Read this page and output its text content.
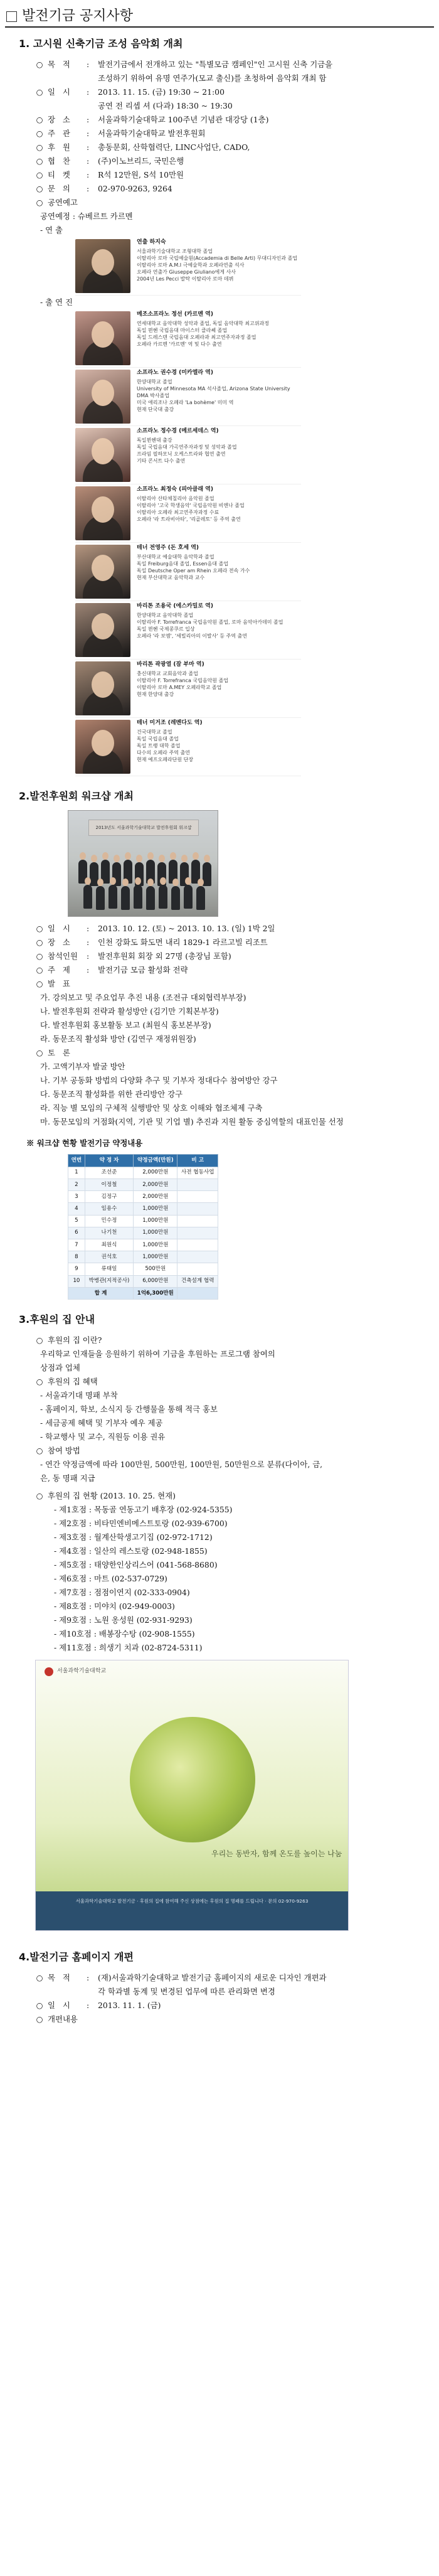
발전기금 공지사항
1. 고시원 신축기금 조성 음악회 개최
○ 목 적	:	발전기금에서 전개하고 있는 "특별모금 캠페인"인 고시원 신축 기금을
조성하기 위하여 유명 연주가(모교 출신)를 초청하여 음악회 개최 함
○ 일 시	:	2013. 11. 15. (금) 19:30 ~ 21:00
공연 전 리셉 셔 (다과) 18:30 ~ 19:30
○ 장 소	:	서울과학기술대학교 100주년 기념관 대강당 (1층)
○ 주 관	:	서울과학기술대학교 발전후원회
○ 후 원	:	총동문회, 산학협력단, LINC사업단, CADO,
○ 협 찬	:	(주)이노브리드, 국민은행
○ 티 켓	:	R석 12만원, S석 10만원
○ 문 의	:	02-970-9263, 9264
○ 공연예고
공연예정 : 슈베르트 카르멘
- 연 출
연출 하지숙
서울과학기술대학교 조형대학 졸업
이탈리아 로마 국립예술원(Accademia di Belle Arti) 무대디자인과 졸업
이탈리아 로마 A.M.I 극예술학과 오페라연출 석사
오페라 연출가 Giuseppe Giuliano에게 사사
2004년 Les Pecci 발탁 이탈리아 로마 데뷔
- 출 연 진
메조소프라노 정선 (카르멘 역)
연세대학교 음악대학 성악과 졸업, 독일 음악대학 최고위과정
독일 뮌헨 국립음대 마이스터 클라쎄 졸업
독일 드레스덴 국립음대 오페라과 최고연주자과정 졸업
오페라 카르멘 '카르멘' 역 및 다수 출연
소프라노 권수경 (미카엘라 역)
한양대학교 졸업
University of Minnesota MA 석사졸업, Arizona State University DMA 박사졸업
미국 애리조나 오페라 'La bohème' 미미 역
현재 단국대 출강
소프라노 정수경 (메르세데스 역)
독일뮌헨대 출강
독일 국립음대 가곡연주자과정 및 성악과 졸업
프라임 필하모닉 오케스트라와 협연 출연
기타 콘서트 다수 출연
소프라노 최정숙 (피아클래 역)
이탈리아 산타체칠리아 음악원 졸업
이탈리아 '고국 학생음악' 국립음악원 비엔나 졸업
이탈리아 오페라 최고연주자과정 수료
오페라 '라 트라비아타', '리골레토' 등 주역 출연
테너 전영주 (돈 호세 역)
부산대학교 예술대학 음악학과 졸업
독일 Freiburg음대 졸업, Essen음대 졸업
독일 Deutsche Oper am Rhein 오페라 전속 가수
현재 부산대학교 음악학과 교수
바리톤 조용국 (에스카밀로 역)
한양대학교 음악대학 졸업
이탈리아 F. Torrefranca 국립음악원 졸업, 로마 음악아카데미 졸업
독일 뮌헨 국제콩쿠르 입상
오페라 '라 보엠', '세빌리아의 이발사' 등 주역 출연
바리톤 곽광열 (잠 부마 역)
충신대학교 교회음악과 졸업
이탈리아 F. Torrefranca 국립음악원 졸업
이탈리아 로마 A.MEY 오페라학교 졸업
현재 한양대 출강
테너 미거조 (레멘다도 역)
건국대학교 졸업
독일 국립음대 졸업
독일 트랭 대학 졸업
다수의 오페라 주역 출연
현재 예프오페라단원 단장
2.발전후원회 워크샵 개최
2013년도 서울과학기술대학교 발전후원회 워크샵
○ 일 시	:	2013. 10. 12. (토) ~ 2013. 10. 13. (일) 1박 2일
○ 장 소	:	인천 강화도 화도면 내리 1829-1 라르고빌 리조트
○ 참석인원	:	발전후원회 회장 외 27명 (총장님 포함)
○ 주 제	:	발전기금 모금 활성화 전략
○ 발 표
가. 강의보고 및 주요업무 추진 내용 (조전규 대외협력부부장)
나. 발전후원회 전략과 활성방안 (김기만 기획본부장)
다. 발전후원회 홍보활동 보고 (최원식 홍보본부장)
라. 동문조직 활성화 방안 (김연구 재정위원장)
○ 토 론
가. 고액기부자 발굴 방안
나. 기부 공동화 방법의 다양화 추구 및 기부자 정대다수 참여방안 강구
다. 동문조직 활성화를 위한 관리방안 강구
라. 직능 별 모임의 구체적 실행방안 및 상호 이해와 협조체제 구축
마. 동문모임의 거점화(지역, 기관 및 기업 별) 추진과 지원 활동 중심역할의 대표인물 선정
※ 워크샵 현황 발전기금 약정내용
연번	약 정 자	약정금액(만원)	비 고
1	조선준	2,000만원	사전 협동사업
2	이정철	2,000만원	
3	김정구	2,000만원	
4	임용수	1,000만원	
5	민수정	1,000만원	
6	나기천	1,000만원	
7	최원식	1,000만원	
8	권석호	1,000만원	
9	류태일	500만원	
10	박병관(지적공사)	6,000만원	건축설계 협력
합 계		1억6,300만원	
3.후원의 집 안내
○ 후원의 집 이란?
우리학교 인재들을 응원하기 위하여 기금을 후원하는 프로그램 참여의
상점과 업체
○ 후원의 집 혜택
- 서울과기대 명패 부착
- 홈페이지, 학보, 소식지 등 간행물을 통해 적극 홍보
- 세금공제 혜택 및 기부자 예우 제공
- 학교행사 및 교수, 직원등 이용 권유
○ 참여 방법
- 연간 약정금액에 따라 100만원, 500만원, 100만원, 50만원으로 분류(다이아, 금,
은, 동 명패 지급
○ 후원의 집 현황 (2013. 10. 25. 현재)
- 제1호점 : 목동골 연동고기 배후장 (02-924-5355)
- 제2호점 : 비타민엔비메스트토랑 (02-939-6700)
- 제3호점 : 월계산학생고기집 (02-972-1712)
- 제4호점 : 일산의 레스토랑 (02-948-1855)
- 제5호점 : 태양한인상리스어 (041-568-8680)
- 제6호점 : 마트 (02-537-0729)
- 제7호점 : 점점이연지 (02-333-0904)
- 제8호점 : 미야치 (02-949-0003)
- 제9호점 : 노원 옹성원 (02-931-9293)
- 제10호점 : 배봉장수탕 (02-908-1555)
- 제11호점 : 희생기 치과 (02-8724-5311)
서울과학기술대학교
우리는 동반자, 함께 온도를 높이는 나눔
서울과학기술대학교 발전기금 · 후원의 집에 참여해 주신 상점에는 후원의 집 명패를 드립니다 · 문의 02-970-9263
4.발전기금 홈페이지 개편
○ 목 적	:	(재)서울과학기술대학교 발전기금 홈페이지의 새로운 디자인 개편과
각 학과별 동계 및 변경된 업무에 따른 관리화면 변경
○ 일 시	:	2013. 11. 1. (금)
○ 개편내용
